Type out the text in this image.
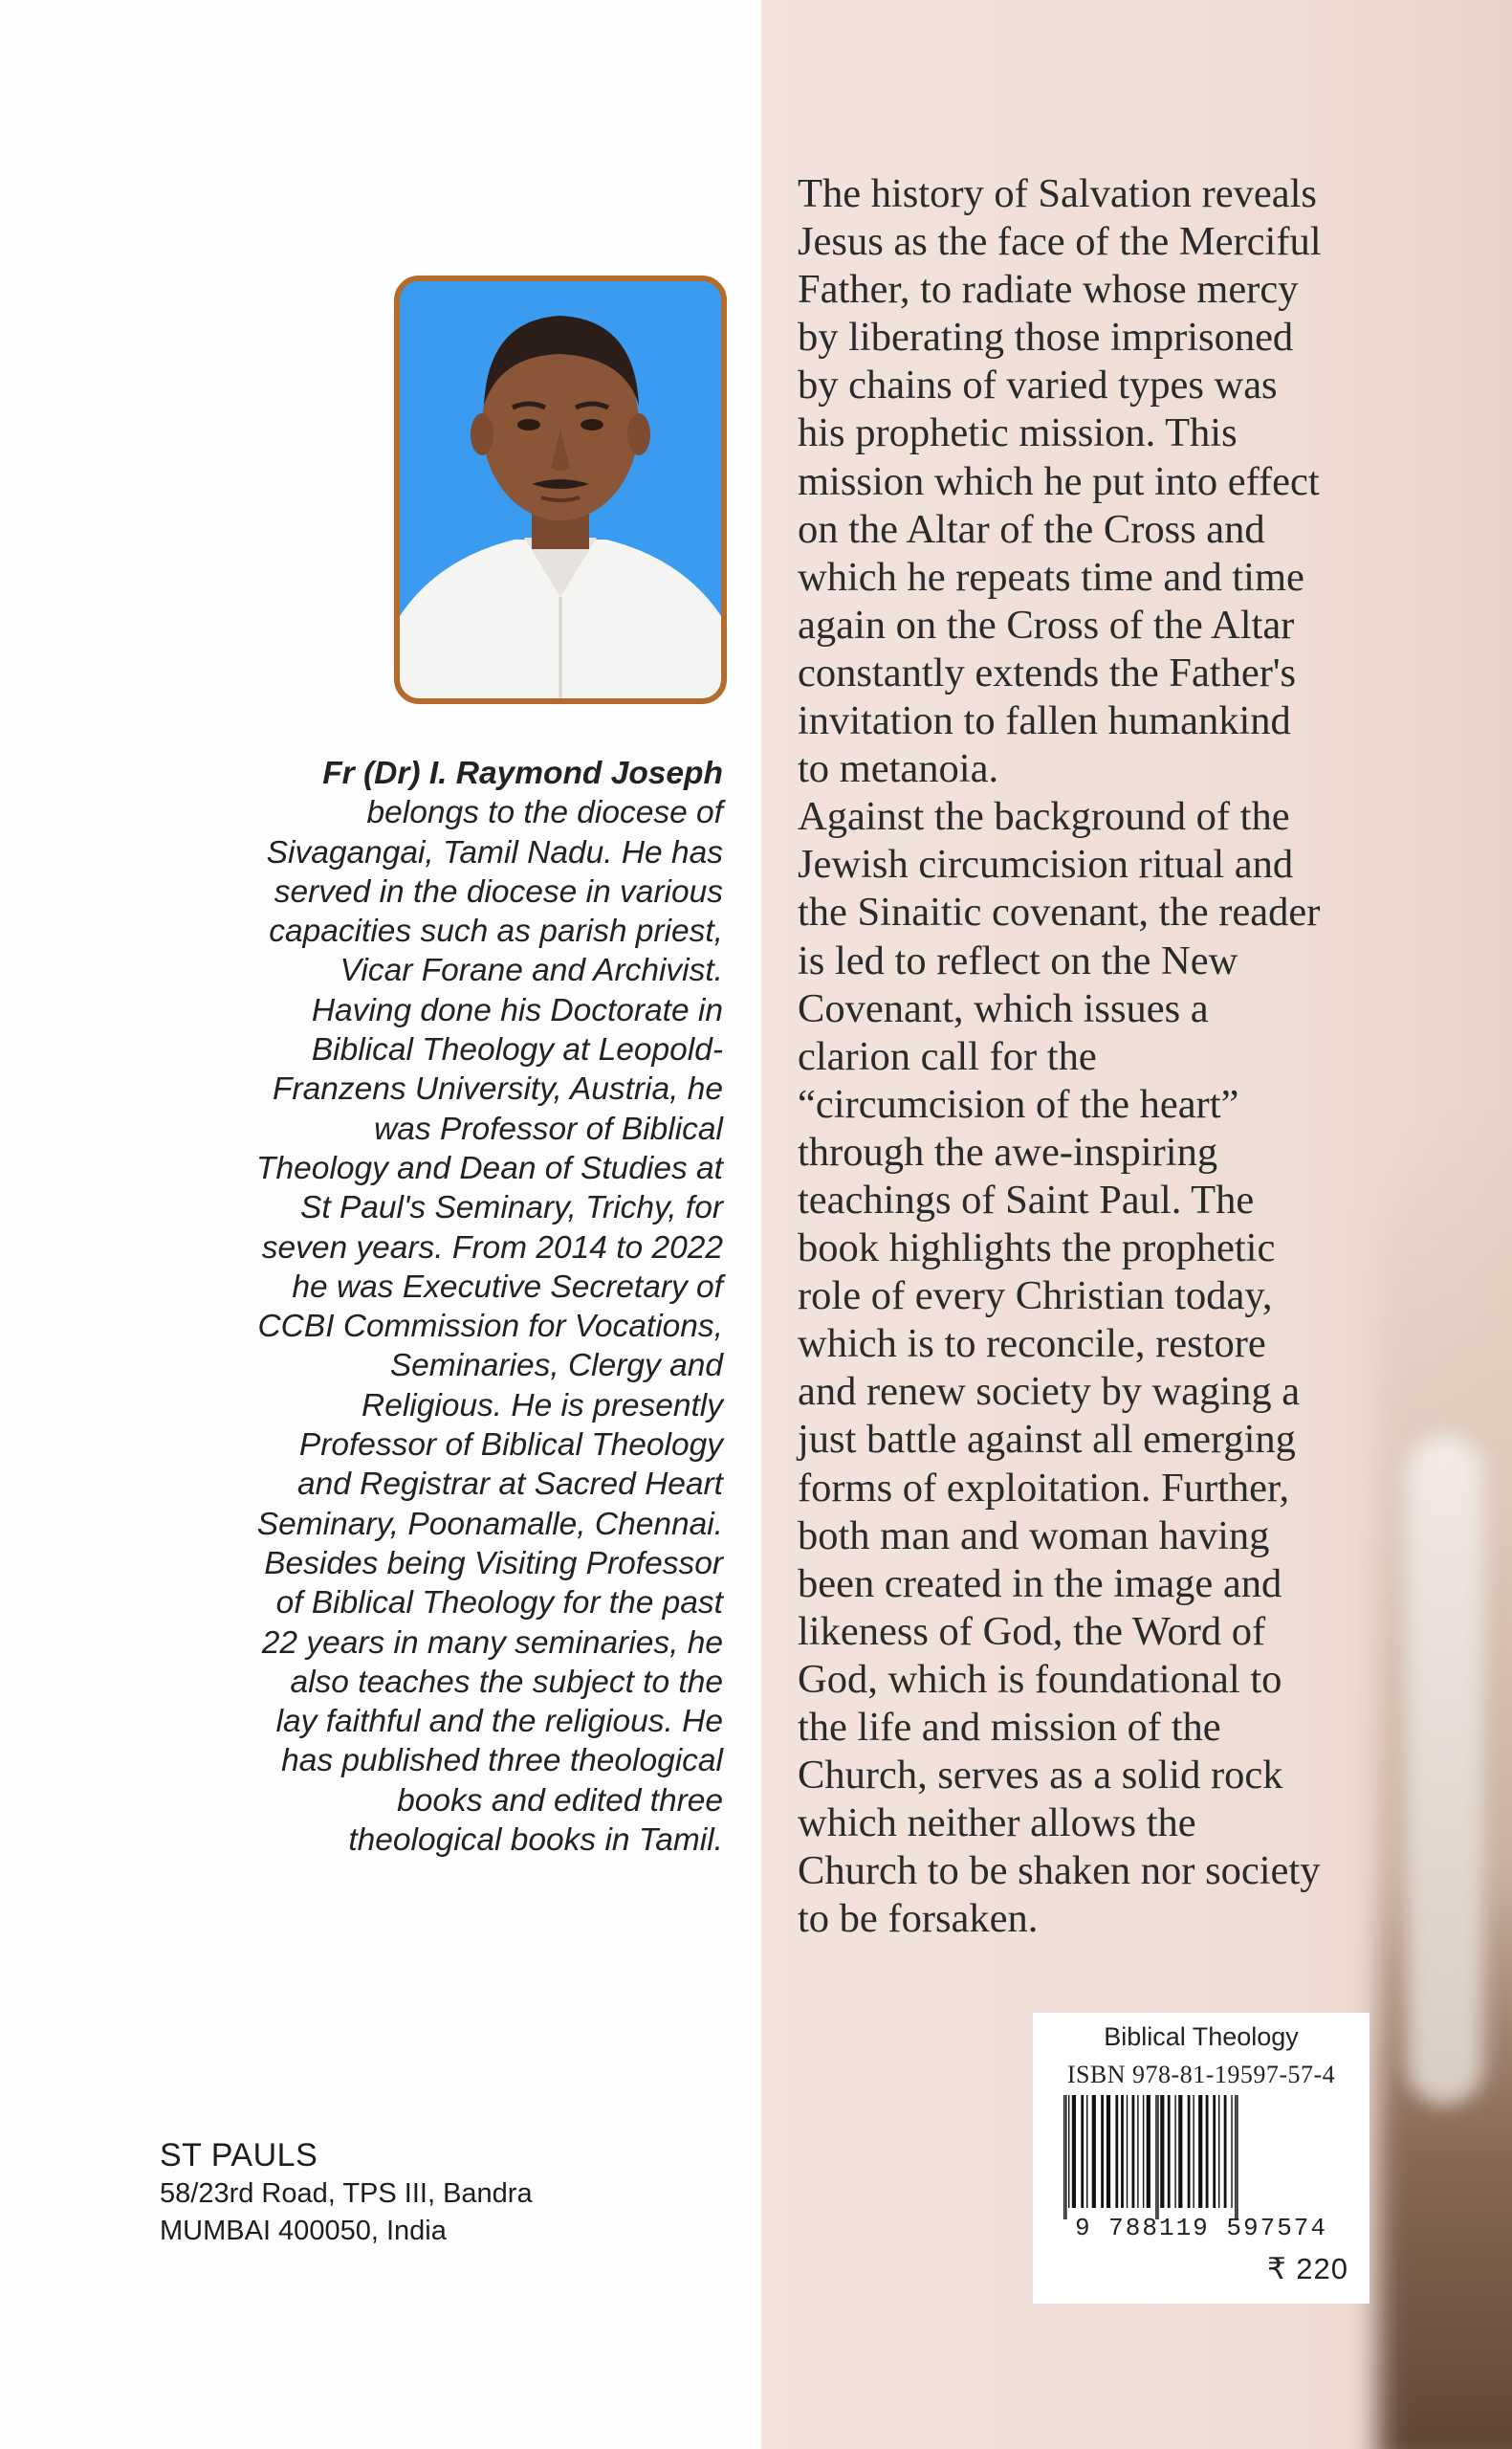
Fr (Dr) I. Raymond Joseph
belongs to the diocese of
Sivagangai, Tamil Nadu. He has
served in the diocese in various
capacities such as parish priest,
Vicar Forane and Archivist.
Having done his Doctorate in
Biblical Theology at Leopold-
Franzens University, Austria, he
was Professor of Biblical
Theology and Dean of Studies at
St Paul's Seminary, Trichy, for
seven years. From 2014 to 2022
he was Executive Secretary of
CCBI Commission for Vocations,
Seminaries, Clergy and
Religious. He is presently
Professor of Biblical Theology
and Registrar at Sacred Heart
Seminary, Poonamalle, Chennai.
Besides being Visiting Professor
of Biblical Theology for the past
22 years in many seminaries, he
also teaches the subject to the
lay faithful and the religious. He
has published three theological
books and edited three
theological books in Tamil.

The history of Salvation reveals

Jesus as the face of the Merciful

Father, to radiate whose mercy

by liberating those imprisoned

by chains of varied types was

his prophetic mission. This

mission which he put into effect

on the Altar of the Cross and

which he repeats time and time

again on the Cross of the Altar

constantly extends the Father's

invitation to fallen humankind

to metanoia.

Against the background of the

Jewish circumcision ritual and

the Sinaitic covenant, the reader

is led to reflect on the New

Covenant, which issues a

clarion call for the

“circumcision of the heart”

through the awe-inspiring

teachings of Saint Paul. The

book highlights the prophetic

role of every Christian today,

which is to reconcile, restore

and renew society by waging a

just battle against all emerging

forms of exploitation. Further,

both man and woman having

been created in the image and

likeness of God, the Word of

God, which is foundational to

the life and mission of the

Church, serves as a solid rock

which neither allows the

Church to be shaken nor society

to be forsaken.

ST PAULS
58/23rd Road, TPS III, Bandra
MUMBAI 400050, India
Biblical Theology
ISBN 978-81-19597-57-4
9 788119 597574
₹ 220
